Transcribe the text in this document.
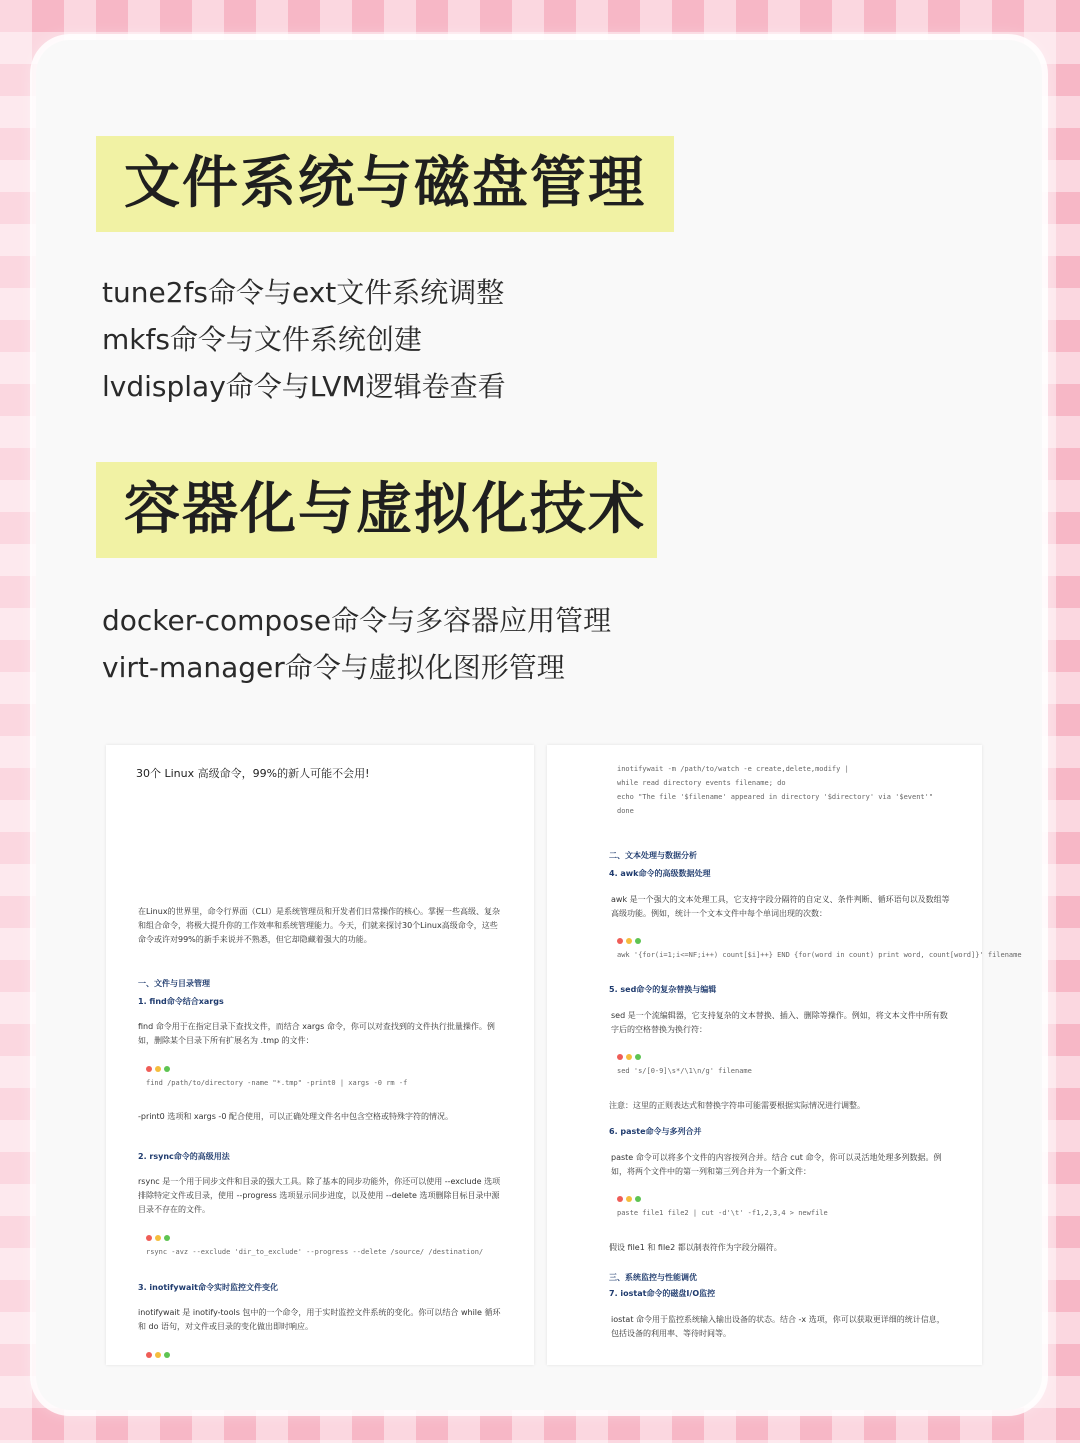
文件系统与磁盘管理
tune2fs命令与ext文件系统调整
mkfs命令与文件系统创建
lvdisplay命令与LVM逻辑卷查看
容器化与虚拟化技术
docker-compose命令与多容器应用管理
virt-manager命令与虚拟化图形管理
30个 Linux 高级命令，99%的新人可能不会用!
在Linux的世界里，命令行界面（CLI）是系统管理员和开发者们日常操作的核心。掌握一些高级、复杂和组合命令，将极大提升你的工作效率和系统管理能力。今天，们就来探讨30个Linux高级命令，这些命令或许对99%的新手来说并不熟悉，但它却隐藏着强大的功能。
一、文件与目录管理
1. find命令结合xargs
find 命令用于在指定目录下查找文件，而结合 xargs 命令，你可以对查找到的文件执行批量操作。例如，删除某个目录下所有扩展名为 .tmp 的文件：
find /path/to/directory -name "*.tmp" -print0 | xargs -0 rm -f
-print0 选项和 xargs -0 配合使用，可以正确处理文件名中包含空格或特殊字符的情况。
2. rsync命令的高级用法
rsync 是一个用于同步文件和目录的强大工具。除了基本的同步功能外，你还可以使用 --exclude 选项排除特定文件或目录，使用 --progress 选项显示同步进度，以及使用 --delete 选项删除目标目录中源目录不存在的文件。
rsync -avz --exclude 'dir_to_exclude' --progress --delete /source/ /destination/
3. inotifywait命令实时监控文件变化
inotifywait 是 inotify-tools 包中的一个命令，用于实时监控文件系统的变化。你可以结合 while 循环和 do 语句，对文件或目录的变化做出即时响应。
inotifywait -m /path/to/watch -e create,delete,modify |
while read directory events filename; do
echo "The file '$filename' appeared in directory '$directory' via '$event'"
done
二、文本处理与数据分析
4. awk命令的高级数据处理
awk 是一个强大的文本处理工具，它支持字段分隔符的自定义、条件判断、循环语句以及数组等高级功能。例如，统计一个文本文件中每个单词出现的次数：
awk '{for(i=1;i<=NF;i++) count[$i]++} END {for(word in count) print word, count[word]}' filename
5. sed命令的复杂替换与编辑
sed 是一个流编辑器，它支持复杂的文本替换、插入、删除等操作。例如，将文本文件中所有数字后的空格替换为换行符：
sed 's/[0-9]\s*/\1\n/g' filename
注意：这里的正则表达式和替换字符串可能需要根据实际情况进行调整。
6. paste命令与多列合并
paste 命令可以将多个文件的内容按列合并。结合 cut 命令，你可以灵活地处理多列数据。例如，将两个文件中的第一列和第三列合并为一个新文件：
paste file1 file2 | cut -d'\t' -f1,2,3,4 > newfile
假设 file1 和 file2 都以制表符作为字段分隔符。
三、系统监控与性能调优
7. iostat命令的磁盘I/O监控
iostat 命令用于监控系统输入输出设备的状态。结合 -x 选项，你可以获取更详细的统计信息，包括设备的利用率、等待时间等。
